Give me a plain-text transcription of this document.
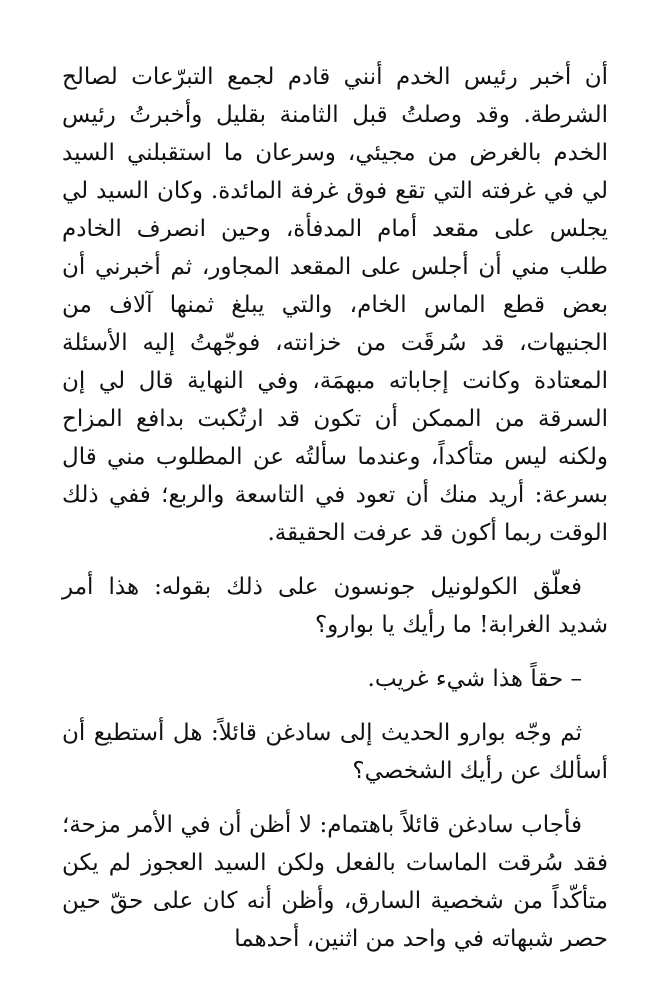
أن أخبر رئيس الخدم أنني قادم لجمع التبرّعات لصالح الشرطة. وقد وصلتُ قبل الثامنة بقليل وأخبرتُ رئيس الخدم بالغرض من مجيئي، وسرعان ما استقبلني السيد لي في غرفته التي تقع فوق غرفة المائدة. وكان السيد لي يجلس على مقعد أمام المدفأة، وحين انصرف الخادم طلب مني أن أجلس على المقعد المجاور، ثم أخبرني أن بعض قطع الماس الخام، والتي يبلغ ثمنها آلاف من الجنيهات، قد سُرقَت من خزانته، فوجّهتُ إليه الأسئلة المعتادة وكانت إجاباته مبهمَة، وفي النهاية قال لي إن السرقة من الممكن أن تكون قد ارتُكبت بدافع المزاح ولكنه ليس متأكداً، وعندما سألتُه عن المطلوب مني قال بسرعة: أريد منك أن تعود في التاسعة والربع؛ ففي ذلك الوقت ربما أكون قد عرفت الحقيقة.

فعلّق الكولونيل جونسون على ذلك بقوله: هذا أمر شديد الغرابة! ما رأيك يا بوارو؟

– حقاً هذا شيء غريب.

ثم وجّه بوارو الحديث إلى سادغن قائلاً: هل أستطيع أن أسألك عن رأيك الشخصي؟

فأجاب سادغن قائلاً باهتمام: لا أظن أن في الأمر مزحة؛ فقد سُرقت الماسات بالفعل ولكن السيد العجوز لم يكن متأكّداً من شخصية السارق، وأظن أنه كان على حقّ حين حصر شبهاته في واحد من اثنين، أحدهما
